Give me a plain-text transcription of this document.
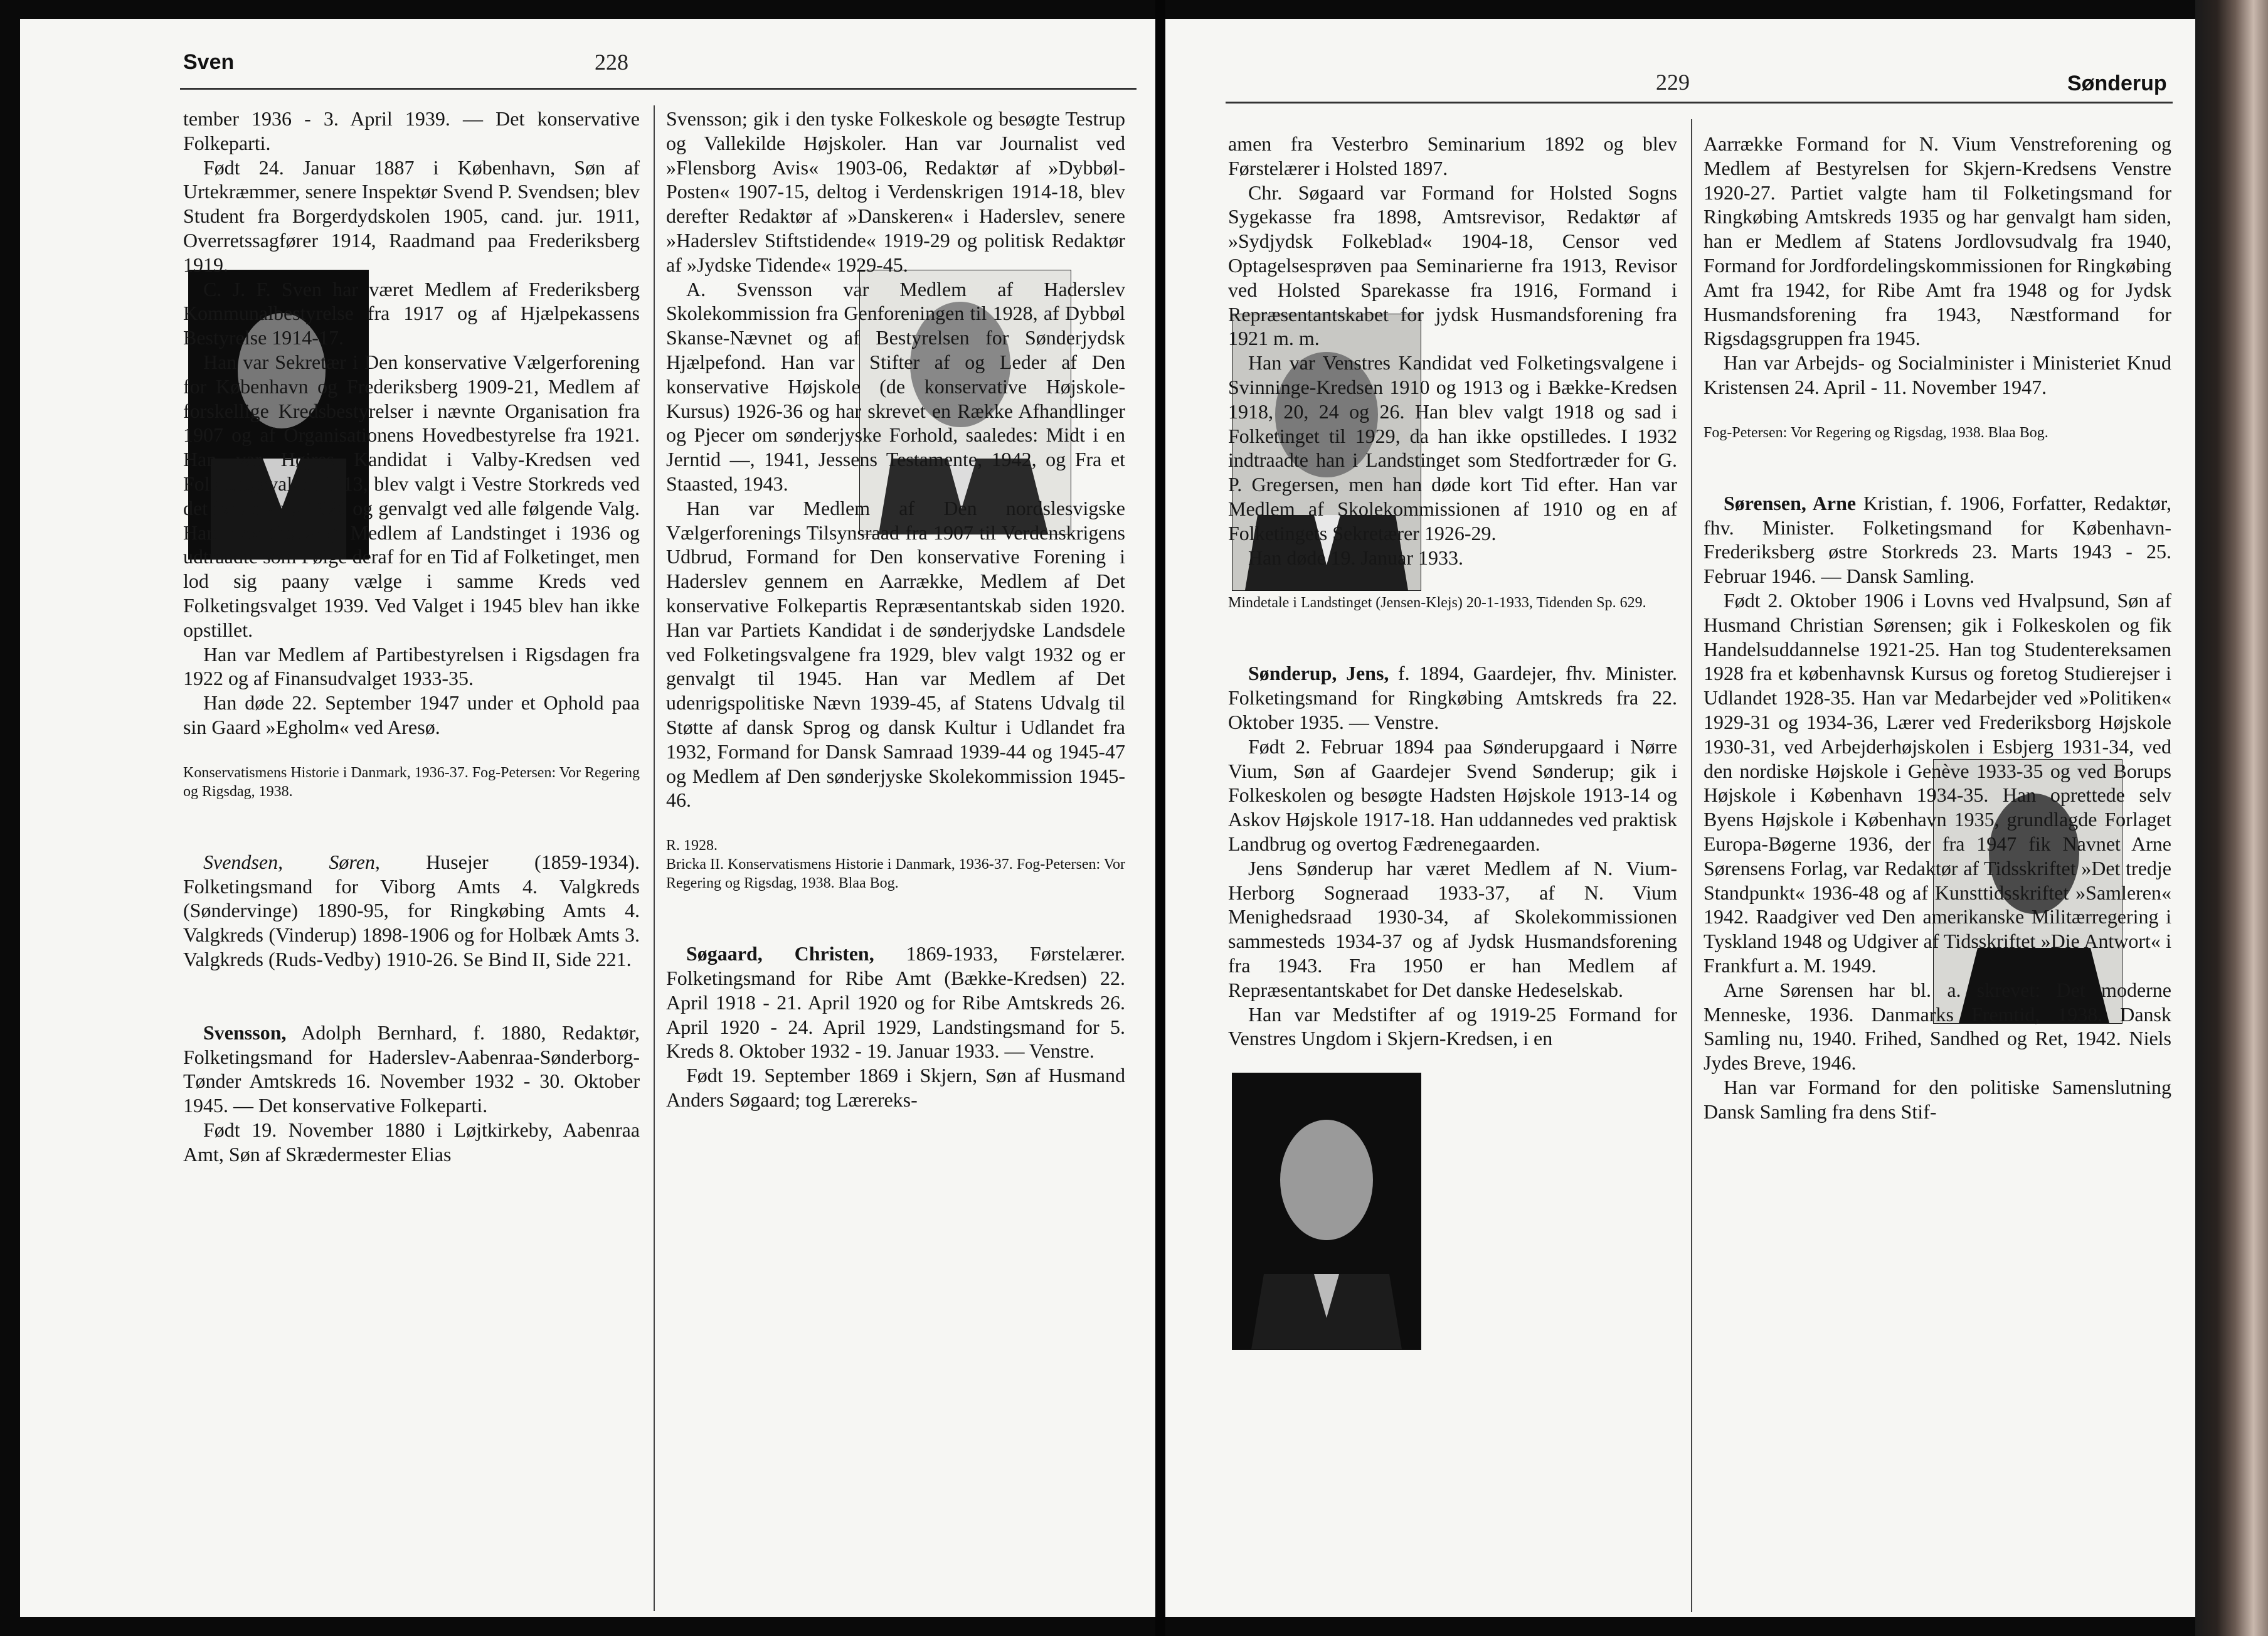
Sven	228

tember 1936 - 3. April 1939. — Det konservative Folkeparti.

Født 24. Januar 1887 i København, Søn af Urtekræmmer, senere Inspektør Svend P. Svendsen; blev Student fra Borgerdydskolen 1905, cand. jur. 1911, Overretssagfører 1914, Raadmand paa Frederiksberg 1919.

C. J. F. Sven har været Medlem af Frederiksberg Kommunalbestyrelse fra 1917 og af Hjælpekassens Bestyrelse 1914-17.

Han var Sekretær i Den konservative Vælgerforening for København og Frederiksberg 1909-21, Medlem af forskellige Kredsbestyrelser i nævnte Organisation fra 1907 og af Organisationens Hovedbestyrelse fra 1921. Han var Højres Kandidat i Valby-Kredsen ved Folketingsvalget 1913, blev valgt i Vestre Storkreds ved det første Valg 1920 og genvalgt ved alle følgende Valg. Han blev tingvalgt Medlem af Landstinget i 1936 og udtraadte som Følge deraf for en Tid af Folketinget, men lod sig paany vælge i samme Kreds ved Folketingsvalget 1939. Ved Valget i 1945 blev han ikke opstillet.

Han var Medlem af Partibestyrelsen i Rigsdagen fra 1922 og af Finansudvalget 1933-35.

Han døde 22. September 1947 under et Ophold paa sin Gaard »Egholm« ved Aresø.

Konservatismens Historie i Danmark, 1936-37. Fog-Petersen: Vor Regering og Rigsdag, 1938.

Svendsen, Søren, Husejer (1859-1934). Folketingsmand for Viborg Amts 4. Valgkreds (Søndervinge) 1890-95, for Ringkøbing Amts 4. Valgkreds (Vinderup) 1898-1906 og for Holbæk Amts 3. Valgkreds (Ruds-Vedby) 1910-26. Se Bind II, Side 221.

Svensson, Adolph Bernhard, f. 1880, Redaktør, Folketingsmand for Haderslev-Aabenraa-Sønderborg-Tønder Amtskreds 16. November 1932 - 30. Oktober 1945. — Det konservative Folkeparti.

Født 19. November 1880 i Løjtkirkeby, Aabenraa Amt, Søn af Skrædermester Elias

Svensson; gik i den tyske Folkeskole og besøgte Testrup og Vallekilde Højskoler. Han var Journalist ved »Flensborg Avis« 1903-06, Redaktør af »Dybbøl-Posten« 1907-15, deltog i Verdenskrigen 1914-18, blev derefter Redaktør af »Danskeren« i Haderslev, senere »Haderslev Stiftstidende« 1919-29 og politisk Redaktør af »Jydske Tidende« 1929-45.

A. Svensson var Medlem af Haderslev Skolekommission fra Genforeningen til 1928, af Dybbøl Skanse-Nævnet og af Bestyrelsen for Sønderjydsk Hjælpefond. Han var Stifter af og Leder af Den konservative Højskole (de konservative Højskole-Kursus) 1926-36 og har skrevet en Række Afhandlinger og Pjecer om sønderjyske Forhold, saaledes: Midt i en Jerntid —, 1941, Jessens Testamente, 1942, og Fra et Staasted, 1943.

Han var Medlem af Den nordslesvigske Vælgerforenings Tilsynsraad fra 1907 til Verdenskrigens Udbrud, Formand for Den konservative Forening i Haderslev gennem en Aarrække, Medlem af Det konservative Folkepartis Repræsentantskab siden 1920. Han var Partiets Kandidat i de sønderjydske Landsdele ved Folketingsvalgene fra 1929, blev valgt 1932 og er genvalgt til 1945. Han var Medlem af Det udenrigspolitiske Nævn 1939-45, af Statens Udvalg til Støtte af dansk Sprog og dansk Kultur i Udlandet fra 1932, Formand for Dansk Samraad 1939-44 og 1945-47 og Medlem af Den sønderjyske Skolekommission 1945-46.

R. 1928.

Bricka II. Konservatismens Historie i Danmark, 1936-37. Fog-Petersen: Vor Regering og Rigsdag, 1938. Blaa Bog.

Søgaard, Christen, 1869-1933, Førstelærer. Folketingsmand for Ribe Amt (Bække-Kredsen) 22. April 1918 - 21. April 1920 og for Ribe Amtskreds 26. April 1920 - 24. April 1929, Landstingsmand for 5. Kreds 8. Oktober 1932 - 19. Januar 1933. — Venstre.

Født 19. September 1869 i Skjern, Søn af Husmand Anders Søgaard; tog Lærereks-

229	Sønderup

amen fra Vesterbro Seminarium 1892 og blev Førstelærer i Holsted 1897.

Chr. Søgaard var Formand for Holsted Sogns Sygekasse fra 1898, Amtsrevisor, Redaktør af »Sydjydsk Folkeblad« 1904-18, Censor ved Optagelsesprøven paa Seminarierne fra 1913, Revisor ved Holsted Sparekasse fra 1916, Formand i Repræsentantskabet for jydsk Husmandsforening fra 1921 m. m.

Han var Venstres Kandidat ved Folketingsvalgene i Svinninge-Kredsen 1910 og 1913 og i Bække-Kredsen 1918, 20, 24 og 26. Han blev valgt 1918 og sad i Folketinget til 1929, da han ikke opstilledes. I 1932 indtraadte han i Landstinget som Stedfortræder for G. P. Gregersen, men han døde kort Tid efter. Han var Medlem af Skolekommissionen af 1910 og en af Folketingets Sekretærer 1926-29.

Han døde 19. Januar 1933.

Mindetale i Landstinget (Jensen-Klejs) 20-1-1933, Tidenden Sp. 629.

Sønderup, Jens, f. 1894, Gaardejer, fhv. Minister. Folketingsmand for Ringkøbing Amtskreds fra 22. Oktober 1935. — Venstre.

Født 2. Februar 1894 paa Sønderupgaard i Nørre Vium, Søn af Gaardejer Svend Sønderup; gik i Folkeskolen og besøgte Hadsten Højskole 1913-14 og Askov Højskole 1917-18. Han uddannedes ved praktisk Landbrug og overtog Fædrenegaarden.

Jens Sønderup har været Medlem af N. Vium-Herborg Sogneraad 1933-37, af N. Vium Menighedsraad 1930-34, af Skolekommissionen sammesteds 1934-37 og af Jydsk Husmandsforening fra 1943. Fra 1950 er han Medlem af Repræsentantskabet for Det danske Hedeselskab.

Han var Medstifter af og 1919-25 Formand for Venstres Ungdom i Skjern-Kredsen, i en

Aarrække Formand for N. Vium Venstreforening og Medlem af Bestyrelsen for Skjern-Kredsens Venstre 1920-27. Partiet valgte ham til Folketingsmand for Ringkøbing Amtskreds 1935 og har genvalgt ham siden, han er Medlem af Statens Jordlovsudvalg fra 1940, Formand for Jordfordelingskommissionen for Ringkøbing Amt fra 1942, for Ribe Amt fra 1948 og for Jydsk Husmandsforening fra 1943, Næstformand for Rigsdagsgruppen fra 1945.

Han var Arbejds- og Socialminister i Ministeriet Knud Kristensen 24. April - 11. November 1947.

Fog-Petersen: Vor Regering og Rigsdag, 1938. Blaa Bog.

Sørensen, Arne Kristian, f. 1906, Forfatter, Redaktør, fhv. Minister. Folketingsmand for København-Frederiksberg østre Storkreds 23. Marts 1943 - 25. Februar 1946. — Dansk Samling.

Født 2. Oktober 1906 i Lovns ved Hvalpsund, Søn af Husmand Christian Sørensen; gik i Folkeskolen og fik Handelsuddannelse 1921-25. Han tog Studentereksamen 1928 fra et københavnsk Kursus og foretog Studierejser i Udlandet 1928-35. Han var Medarbejder ved »Politiken« 1929-31 og 1934-36, Lærer ved Frederiksborg Højskole 1930-31, ved Arbejderhøjskolen i Esbjerg 1931-34, ved den nordiske Højskole i Genève 1933-35 og ved Borups Højskole i København 1934-35. Han oprettede selv Byens Højskole i København 1935, grundlagde Forlaget Europa-Bøgerne 1936, der fra 1947 fik Navnet Arne Sørensens Forlag, var Redaktør af Tidsskriftet »Det tredje Standpunkt« 1936-48 og af Kunsttidsskriftet »Samleren« 1942. Raadgiver ved Den amerikanske Militærregering i Tyskland 1948 og Udgiver af Tidsskriftet »Die Antwort« i Frankfurt a. M. 1949.

Arne Sørensen har bl. a. skrevet: Det moderne Menneske, 1936. Danmarks Fremtid, 1938. Dansk Samling nu, 1940. Frihed, Sandhed og Ret, 1942. Niels Jydes Breve, 1946.

Han var Formand for den politiske Samenslutning Dansk Samling fra dens Stif-
